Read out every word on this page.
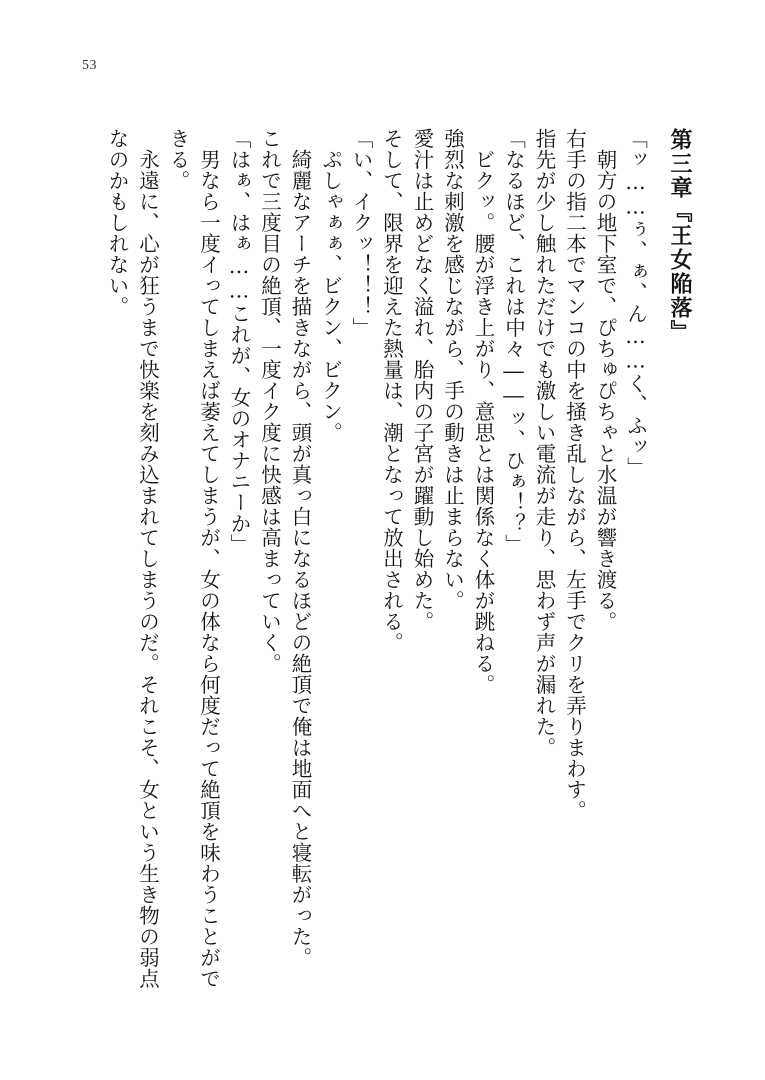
53
第三章『王女陥落』
「ッ……ぅ、ぁ、ん……く、ふッ」
　朝方の地下室で、ぴちゅぴちゃと水温が響き渡る。
右手の指二本でマンコの中を掻き乱しながら、左手でクリを弄りまわす。
指先が少し触れただけでも激しい電流が走り、思わず声が漏れた。
「なるほど、これは中々――ッ、ひぁ！？」
　ビクッ。腰が浮き上がり、意思とは関係なく体が跳ねる。
強烈な刺激を感じながら、手の動きは止まらない。
愛汁は止めどなく溢れ、胎内の子宮が躍動し始めた。
そして、限界を迎えた熱量は、潮となって放出される。
「い、イクッ！！！」
　ぷしゃぁぁ、ビクン、ビクン。
　綺麗なアーチを描きながら、頭が真っ白になるほどの絶頂で俺は地面へと寝転がった。
これで三度目の絶頂、一度イク度に快感は高まっていく。
「はぁ、はぁ……これが、女のオナニーか」
　男なら一度イってしまえば萎えてしまうが、女の体なら何度だって絶頂を味わうことができる。
　永遠に、心が狂うまで快楽を刻み込まれてしまうのだ。それこそ、女という生き物の弱点なのかもしれない。
